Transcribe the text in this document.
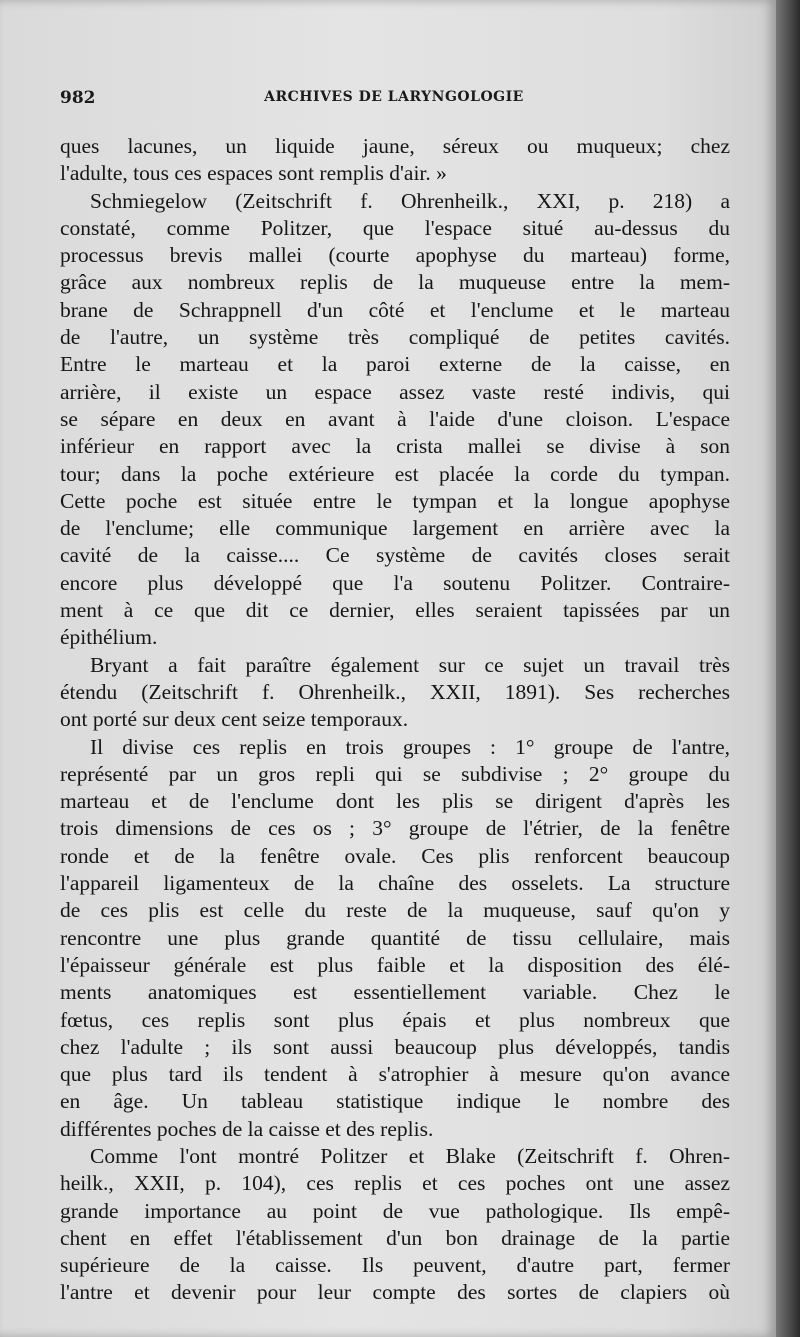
982	ARCHIVES DE LARYNGOLOGIE
ques lacunes, un liquide jaune, séreux ou muqueux; chez
l'adulte, tous ces espaces sont remplis d'air. »
Schmiegelow (Zeitschrift f. Ohrenheilk., XXI, p. 218) a
constaté, comme Politzer, que l'espace situé au-dessus du
processus brevis mallei (courte apophyse du marteau) forme,
grâce aux nombreux replis de la muqueuse entre la mem-
brane de Schrappnell d'un côté et l'enclume et le marteau
de l'autre, un système très compliqué de petites cavités.
Entre le marteau et la paroi externe de la caisse, en
arrière, il existe un espace assez vaste resté indivis, qui
se sépare en deux en avant à l'aide d'une cloison. L'espace
inférieur en rapport avec la crista mallei se divise à son
tour; dans la poche extérieure est placée la corde du tympan.
Cette poche est située entre le tympan et la longue apophyse
de l'enclume; elle communique largement en arrière avec la
cavité de la caisse.... Ce système de cavités closes serait
encore plus développé que l'a soutenu Politzer. Contraire-
ment à ce que dit ce dernier, elles seraient tapissées par un
épithélium.
Bryant a fait paraître également sur ce sujet un travail très
étendu (Zeitschrift f. Ohrenheilk., XXII, 1891). Ses recherches
ont porté sur deux cent seize temporaux.
Il divise ces replis en trois groupes : 1° groupe de l'antre,
représenté par un gros repli qui se subdivise ; 2° groupe du
marteau et de l'enclume dont les plis se dirigent d'après les
trois dimensions de ces os ; 3° groupe de l'étrier, de la fenêtre
ronde et de la fenêtre ovale. Ces plis renforcent beaucoup
l'appareil ligamenteux de la chaîne des osselets. La structure
de ces plis est celle du reste de la muqueuse, sauf qu'on y
rencontre une plus grande quantité de tissu cellulaire, mais
l'épaisseur générale est plus faible et la disposition des élé-
ments anatomiques est essentiellement variable. Chez le
fœtus, ces replis sont plus épais et plus nombreux que
chez l'adulte ; ils sont aussi beaucoup plus développés, tandis
que plus tard ils tendent à s'atrophier à mesure qu'on avance
en âge. Un tableau statistique indique le nombre des
différentes poches de la caisse et des replis.
Comme l'ont montré Politzer et Blake (Zeitschrift f. Ohren-
heilk., XXII, p. 104), ces replis et ces poches ont une assez
grande importance au point de vue pathologique. Ils empê-
chent en effet l'établissement d'un bon drainage de la partie
supérieure de la caisse. Ils peuvent, d'autre part, fermer
l'antre et devenir pour leur compte des sortes de clapiers où
